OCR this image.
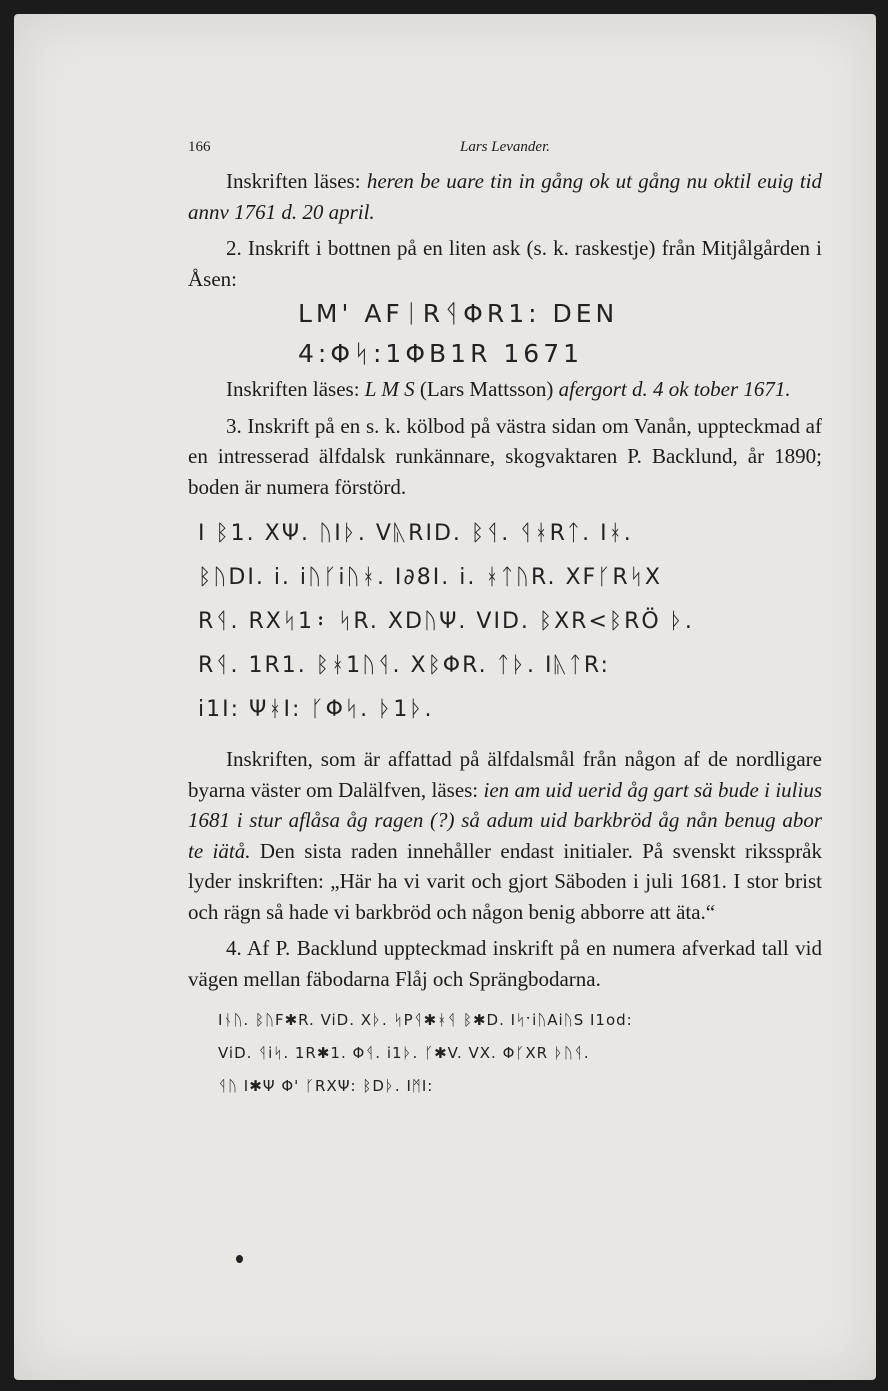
166	Lars Levander.

Inskriften läses: heren be uare tin in gång ok ut gång nu oktil euig tid annv 1761 d. 20 april.

2. Inskrift i bottnen på en liten ask (s. k. raskestje) från Mitjålgården i Åsen:

LM' AFᛁRᛩΦR1: DEN
4:Φᛋ:1ΦB1R 1671

Inskriften läses: L M S (Lars Mattsson) afergort d. 4 ok tober 1671.

3. Inskrift på en s. k. kölbod på västra sidan om Vanån, uppteckmad af en intresserad älfdalsk runkännare, skogvaktaren P. Backlund, år 1890; boden är numera förstörd.

I ᛒ1. XΨ. ᚢIᚦ. VᚣRID. ᛒᛩ. ᛩᚼRᛏ. Iᚼ.
ᛒᚢDI. i. iᚢᚴiᚢᚼ. I∂8I. i. ᚼᛏᚢR. XFᚴRᛋX
Rᛩ. RXᛋ1᛬ ᛋR. XDᚢΨ. VID. ᛒXR<ᛒRÖ ᚦ.
Rᛩ. 1R1. ᛒᚼ1ᚢᛩ. XᛒΦR. ᛏᚦ. IᚣᛏR:
i1I: ΨᚼI: ᚴΦᛋ. ᚦ1ᚦ.

Inskriften, som är affattad på älfdalsmål från någon af de nordligare byarna väster om Dalälfven, läses: ien am uid uerid åg gart sä bude i iulius 1681 i stur aflåsa åg ragen (?) så adum uid barkbröd åg nån benug abor te iätå. Den sista raden innehåller endast initialer. På svenskt riksspråk lyder inskriften: „Här ha vi varit och gjort Säboden i juli 1681. I stor brist och rägn så hade vi barkbröd och någon benig abborre att äta.“

4. Af P. Backlund uppteckmad inskrift på en numera afverkad tall vid vägen mellan fäbodarna Flåj och Sprängbodarna.

Iᚾᚢ. ᛒᚢF✱R. ViD. Xᚦ. ᛋPᛩ✱ᚼᛩ ᛒ✱D. IᛋˑiᚢAiᚢS I1od:
ViD. ᛩiᛋ. 1R✱1. Φᛩ. i1ᚦ. ᚴ✱V. VX. ΦᚴXR ᚦᚢᛩ.
ᛩᚢ I✱Ψ Φ' ᚴRXΨ: ᛒDᚦ. IᛗI:
